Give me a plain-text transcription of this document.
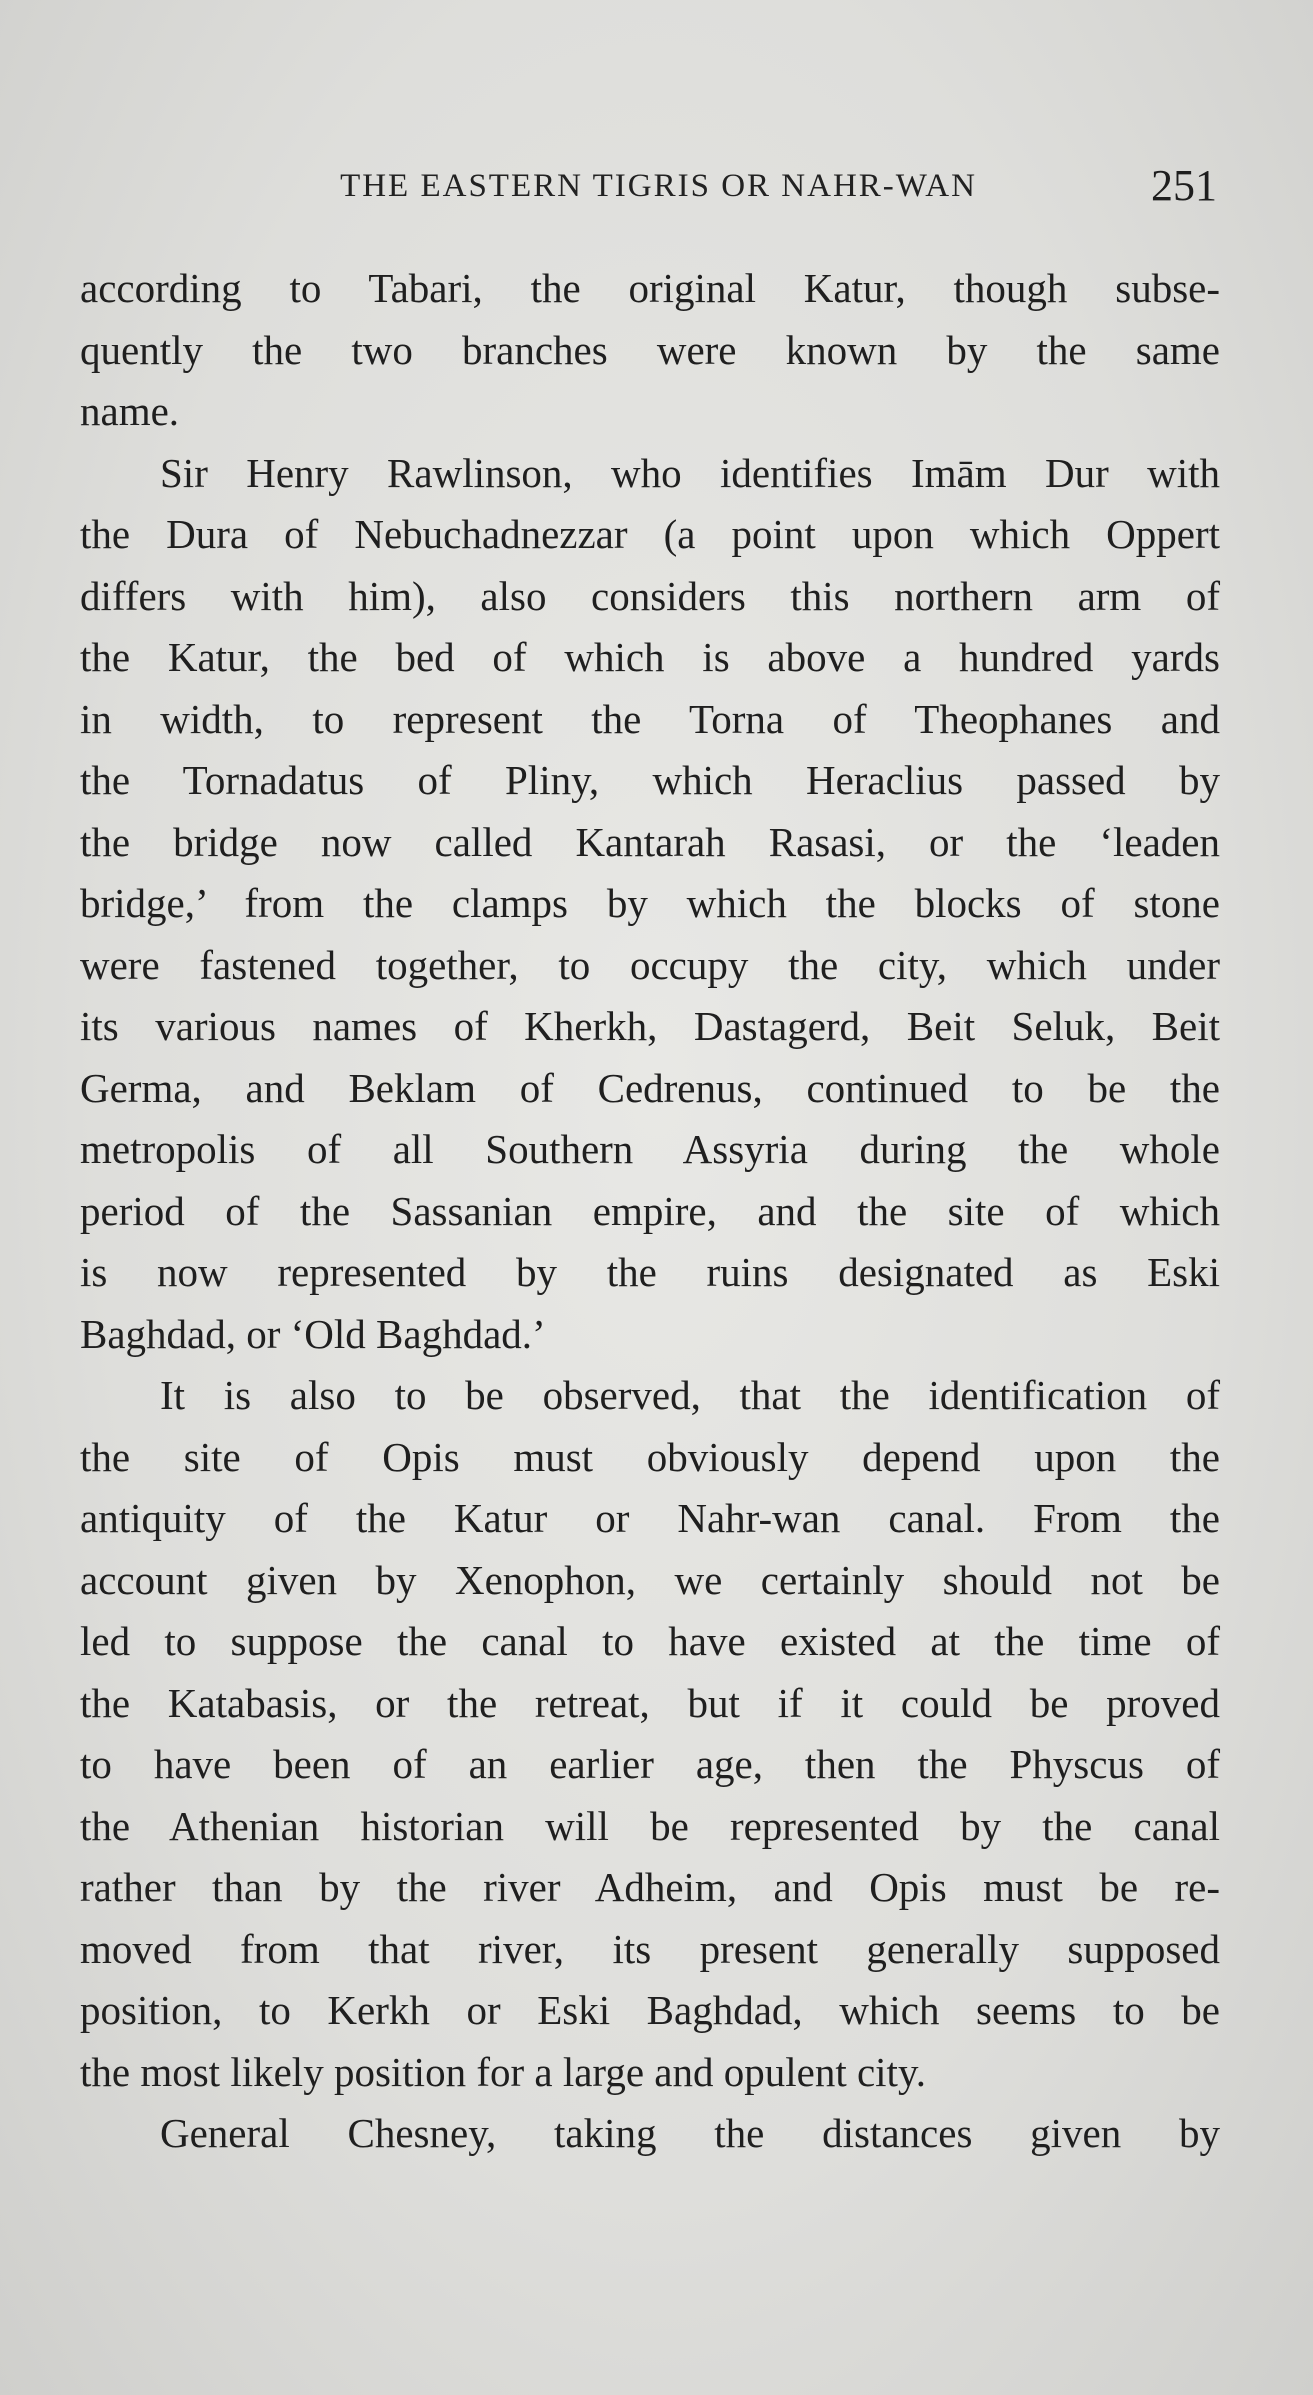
THE EASTERN TIGRIS OR NAHR-WAN	251
according to Tabari, the original Katur, though subse-
quently the two branches were known by the same
name.
Sir Henry Rawlinson, who identifies Imām Dur with
the Dura of Nebuchadnezzar (a point upon which Oppert
differs with him), also considers this northern arm of
the Katur, the bed of which is above a hundred yards
in width, to represent the Torna of Theophanes and
the Tornadatus of Pliny, which Heraclius passed by
the bridge now called Kantarah Rasasi, or the ‘leaden
bridge,’ from the clamps by which the blocks of stone
were fastened together, to occupy the city, which under
its various names of Kherkh, Dastagerd, Beit Seluk, Beit
Germa, and Beklam of Cedrenus, continued to be the
metropolis of all Southern Assyria during the whole
period of the Sassanian empire, and the site of which
is now represented by the ruins designated as Eski
Baghdad, or ‘Old Baghdad.’
It is also to be observed, that the identification of
the site of Opis must obviously depend upon the
antiquity of the Katur or Nahr-wan canal. From the
account given by Xenophon, we certainly should not be
led to suppose the canal to have existed at the time of
the Katabasis, or the retreat, but if it could be proved
to have been of an earlier age, then the Physcus of
the Athenian historian will be represented by the canal
rather than by the river Adheim, and Opis must be re-
moved from that river, its present generally supposed
position, to Kerkh or Eski Baghdad, which seems to be
the most likely position for a large and opulent city.
General Chesney, taking the distances given by
